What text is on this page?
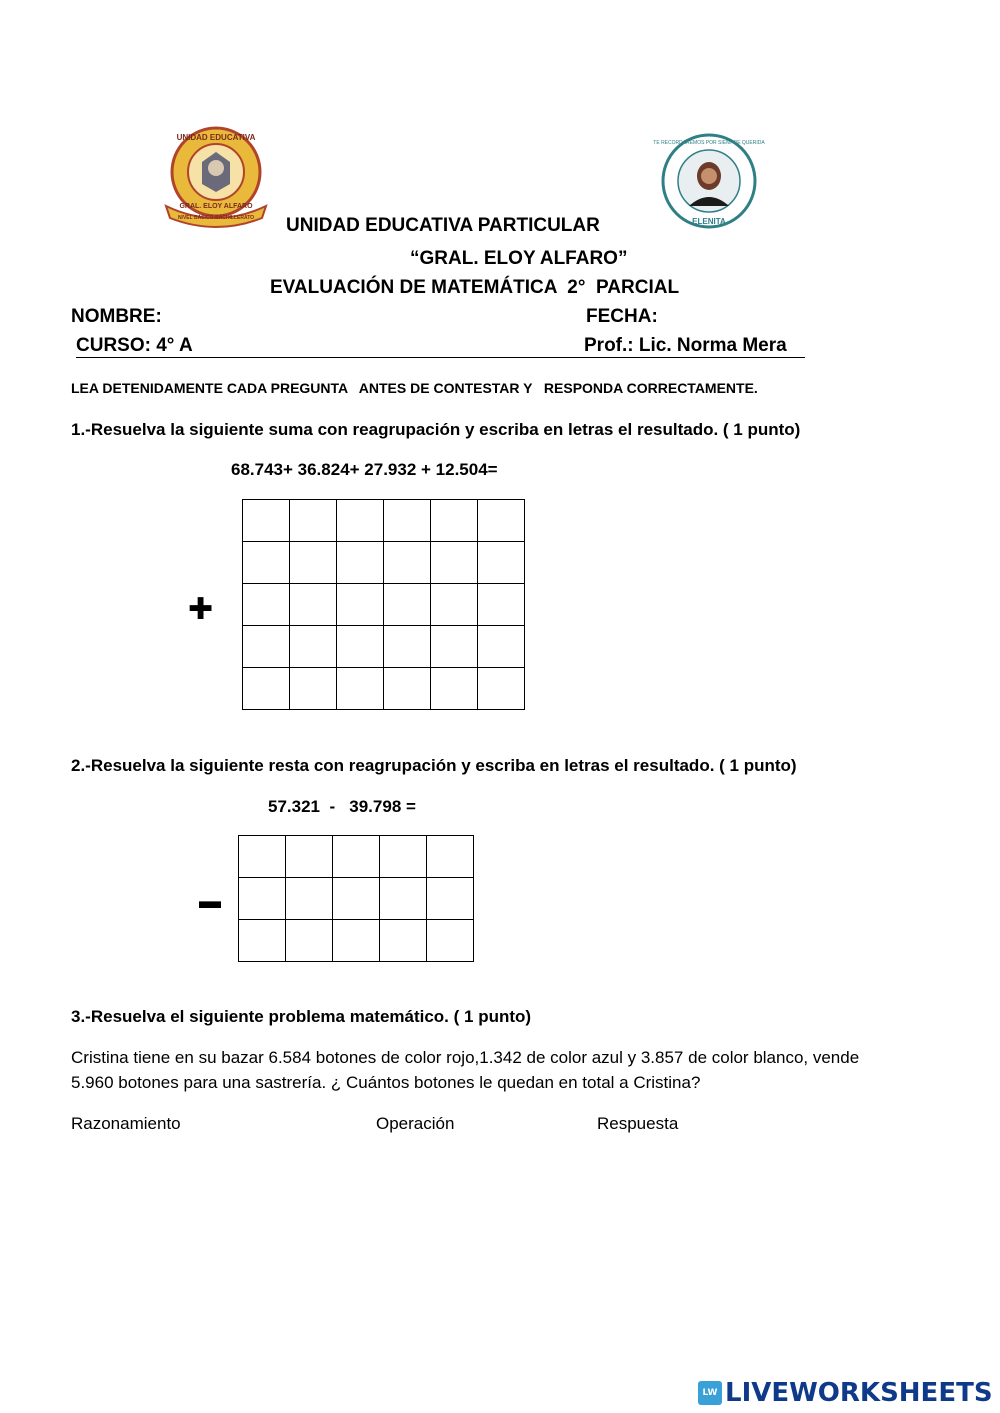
UNIDAD EDUCATIVA
GRAL. ELOY ALFARO
NIVEL BÁSICO-BACHILLERATO
TE RECORDAREMOS POR SIEMPRE QUERIDA
ELENITA
UNIDAD EDUCATIVA PARTICULAR
“GRAL. ELOY ALFARO”
EVALUACIÓN DE MATEMÁTICA  2°  PARCIAL
NOMBRE:	FECHA:
CURSO: 4° A	Prof.: Lic. Norma Mera
LEA DETENIDAMENTE CADA PREGUNTA   ANTES DE CONTESTAR Y   RESPONDA CORRECTAMENTE.
1.-Resuelva la siguiente suma con reagrupación y escriba en letras el resultado. ( 1 punto)
68.743+ 36.824+ 27.932 + 12.504=
✚

2.-Resuelva la siguiente resta con reagrupación y escriba en letras el resultado. ( 1 punto)
57.321  -   39.798 =
▬

3.-Resuelva el siguiente problema matemático. ( 1 punto)
Cristina tiene en su bazar 6.584 botones de color rojo,1.342 de color azul y 3.857 de color blanco, vende
5.960 botones para una sastrería. ¿ Cuántos botones le quedan en total a Cristina?
Razonamiento	Operación	Respuesta
LW LIVEWORKSHEETS
